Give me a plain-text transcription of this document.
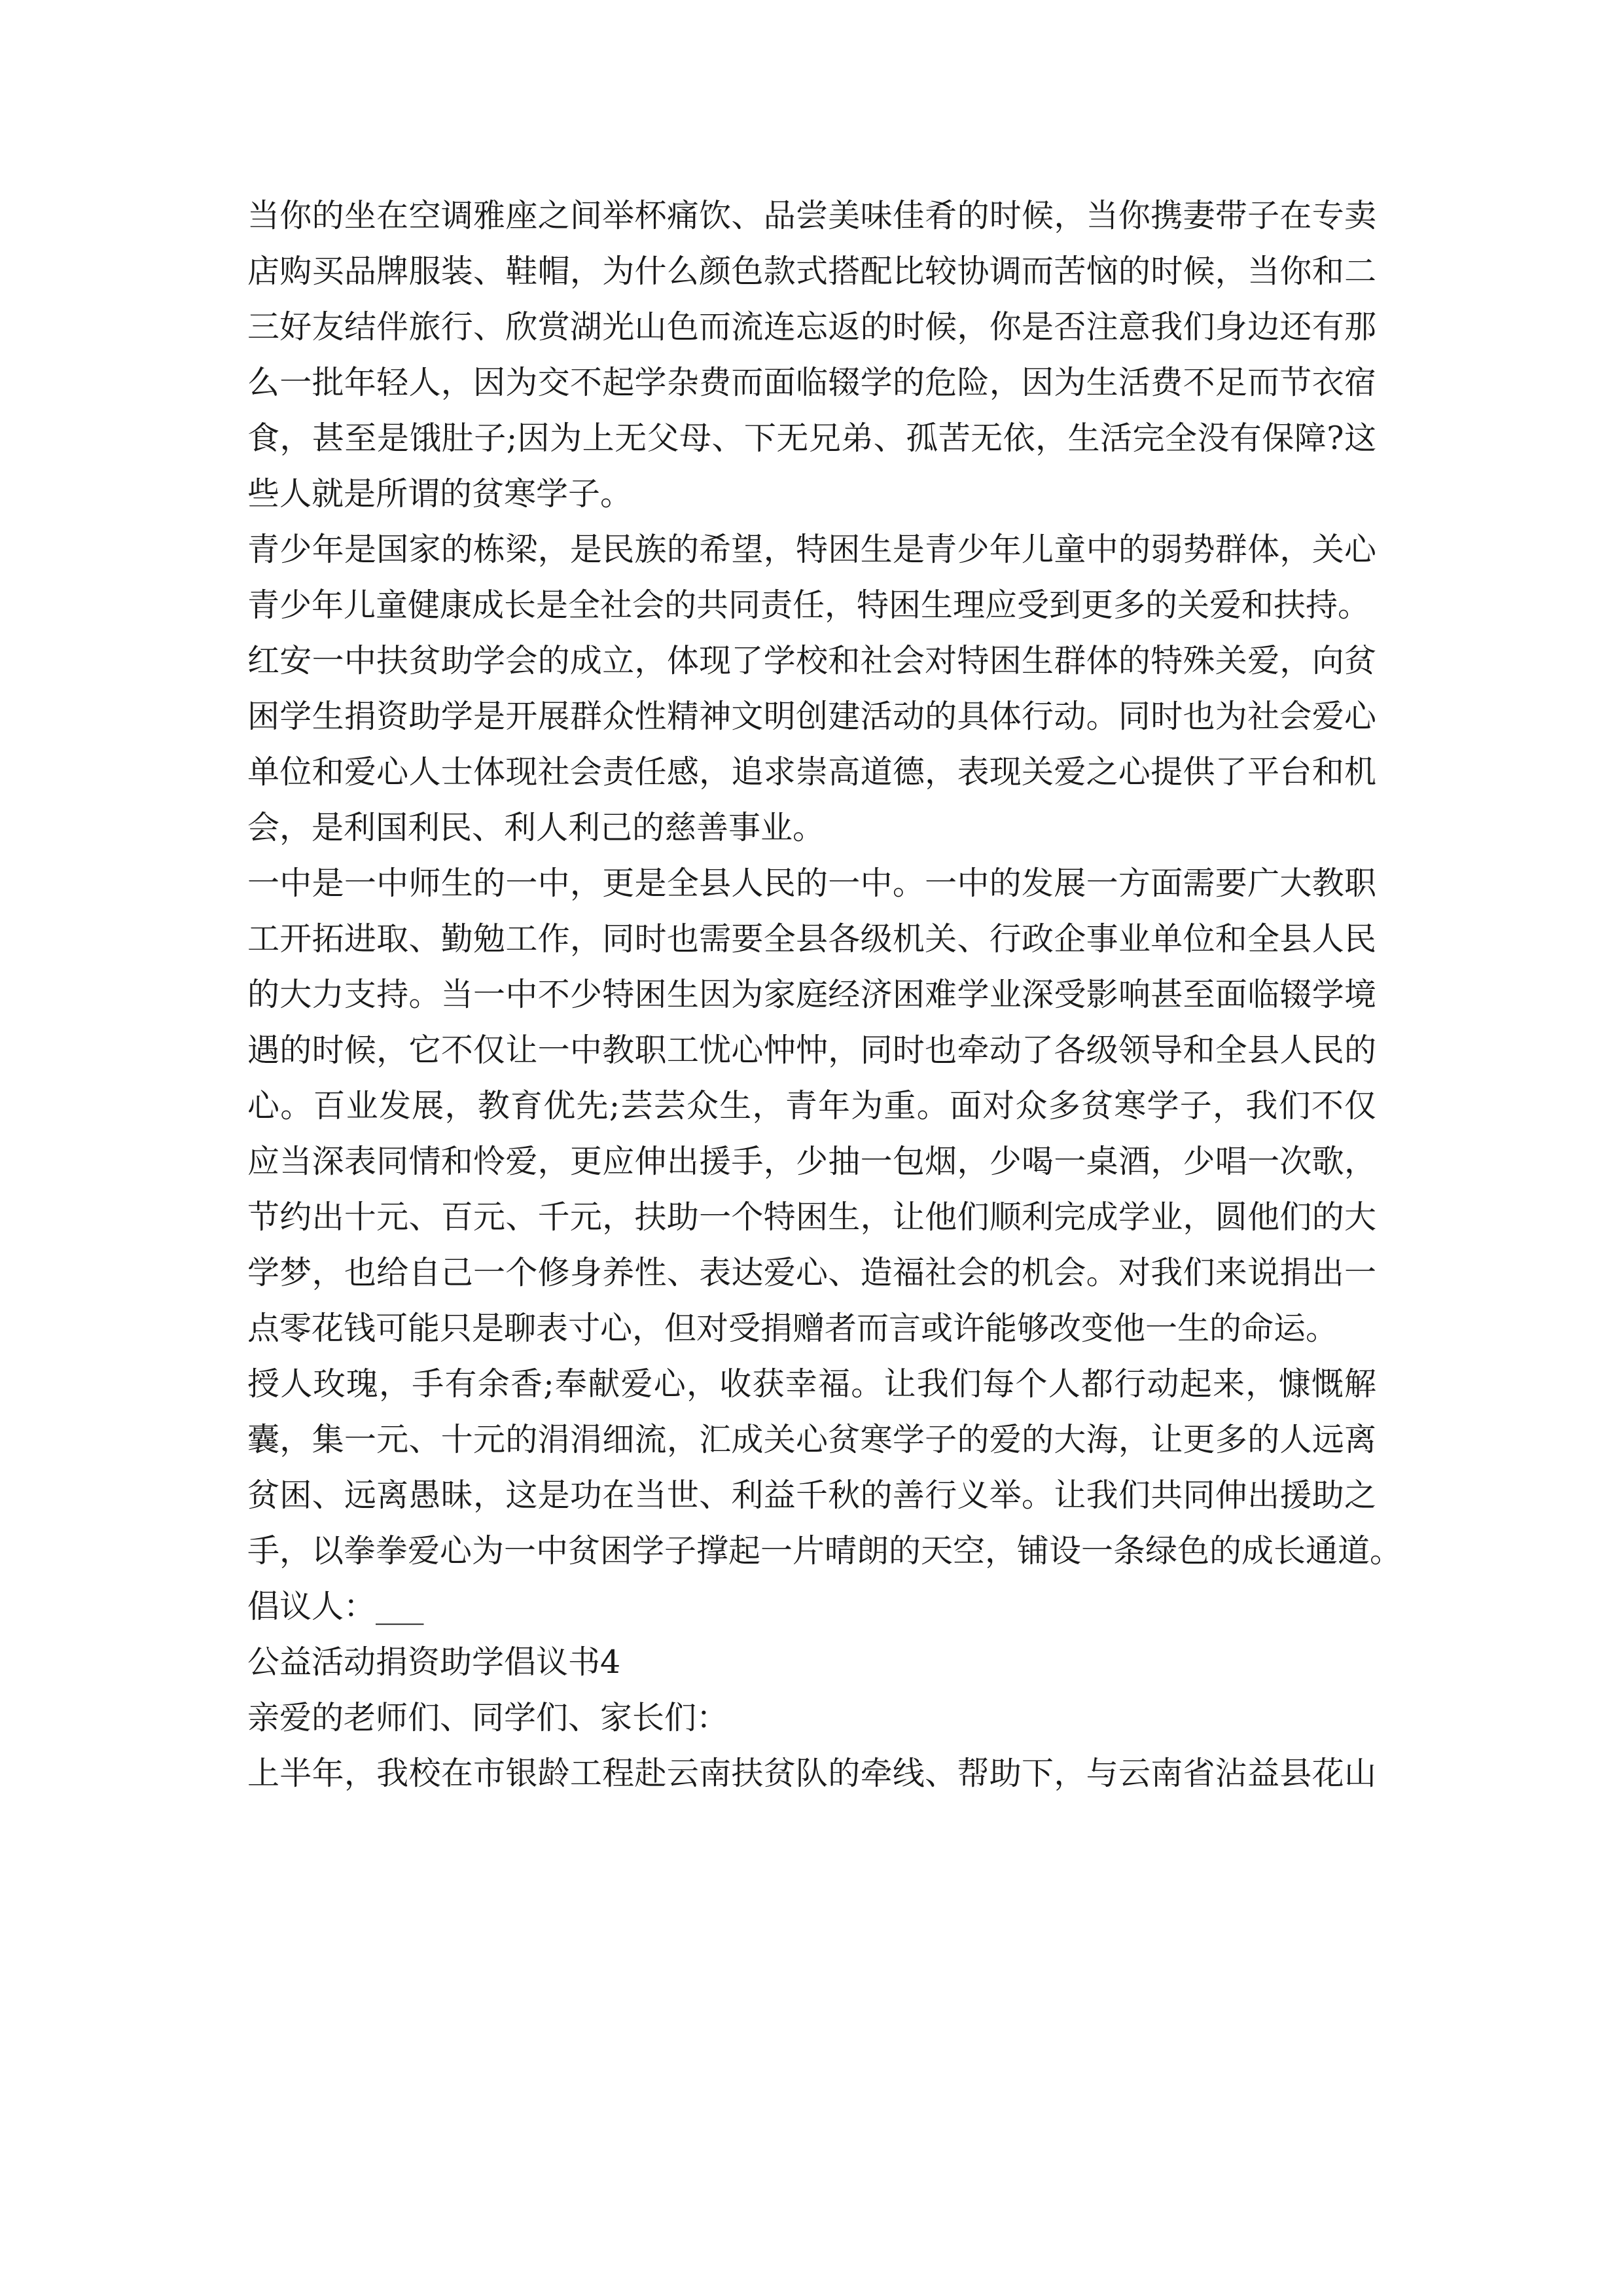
当你的坐在空调雅座之间举杯痛饮、品尝美味佳肴的时候，当你携妻带子在专卖
店购买品牌服装、鞋帽，为什么颜色款式搭配比较协调而苦恼的时候，当你和二
三好友结伴旅行、欣赏湖光山色而流连忘返的时候，你是否注意我们身边还有那
么一批年轻人，因为交不起学杂费而面临辍学的危险，因为生活费不足而节衣宿
食，甚至是饿肚子;因为上无父母、下无兄弟、孤苦无依，生活完全没有保障?这
些人就是所谓的贫寒学子。
青少年是国家的栋梁，是民族的希望，特困生是青少年儿童中的弱势群体，关心
青少年儿童健康成长是全社会的共同责任，特困生理应受到更多的关爱和扶持。
红安一中扶贫助学会的成立，体现了学校和社会对特困生群体的特殊关爱，向贫
困学生捐资助学是开展群众性精神文明创建活动的具体行动。同时也为社会爱心
单位和爱心人士体现社会责任感，追求崇高道德，表现关爱之心提供了平台和机
会，是利国利民、利人利己的慈善事业。
一中是一中师生的一中，更是全县人民的一中。一中的发展一方面需要广大教职
工开拓进取、勤勉工作，同时也需要全县各级机关、行政企事业单位和全县人民
的大力支持。当一中不少特困生因为家庭经济困难学业深受影响甚至面临辍学境
遇的时候，它不仅让一中教职工忧心忡忡，同时也牵动了各级领导和全县人民的
心。百业发展，教育优先;芸芸众生，青年为重。面对众多贫寒学子，我们不仅
应当深表同情和怜爱，更应伸出援手，少抽一包烟，少喝一桌酒，少唱一次歌，
节约出十元、百元、千元，扶助一个特困生，让他们顺利完成学业，圆他们的大
学梦，也给自己一个修身养性、表达爱心、造福社会的机会。对我们来说捐出一
点零花钱可能只是聊表寸心，但对受捐赠者而言或许能够改变他一生的命运。
授人玫瑰，手有余香;奉献爱心，收获幸福。让我们每个人都行动起来，慷慨解
囊，集一元、十元的涓涓细流，汇成关心贫寒学子的爱的大海，让更多的人远离
贫困、远离愚昧，这是功在当世、利益千秋的善行义举。让我们共同伸出援助之
手，以拳拳爱心为一中贫困学子撑起一片晴朗的天空，铺设一条绿色的成长通道。
倡议人：___
公益活动捐资助学倡议书4
亲爱的老师们、同学们、家长们：
上半年，我校在市银龄工程赴云南扶贫队的牵线、帮助下，与云南省沾益县花山
